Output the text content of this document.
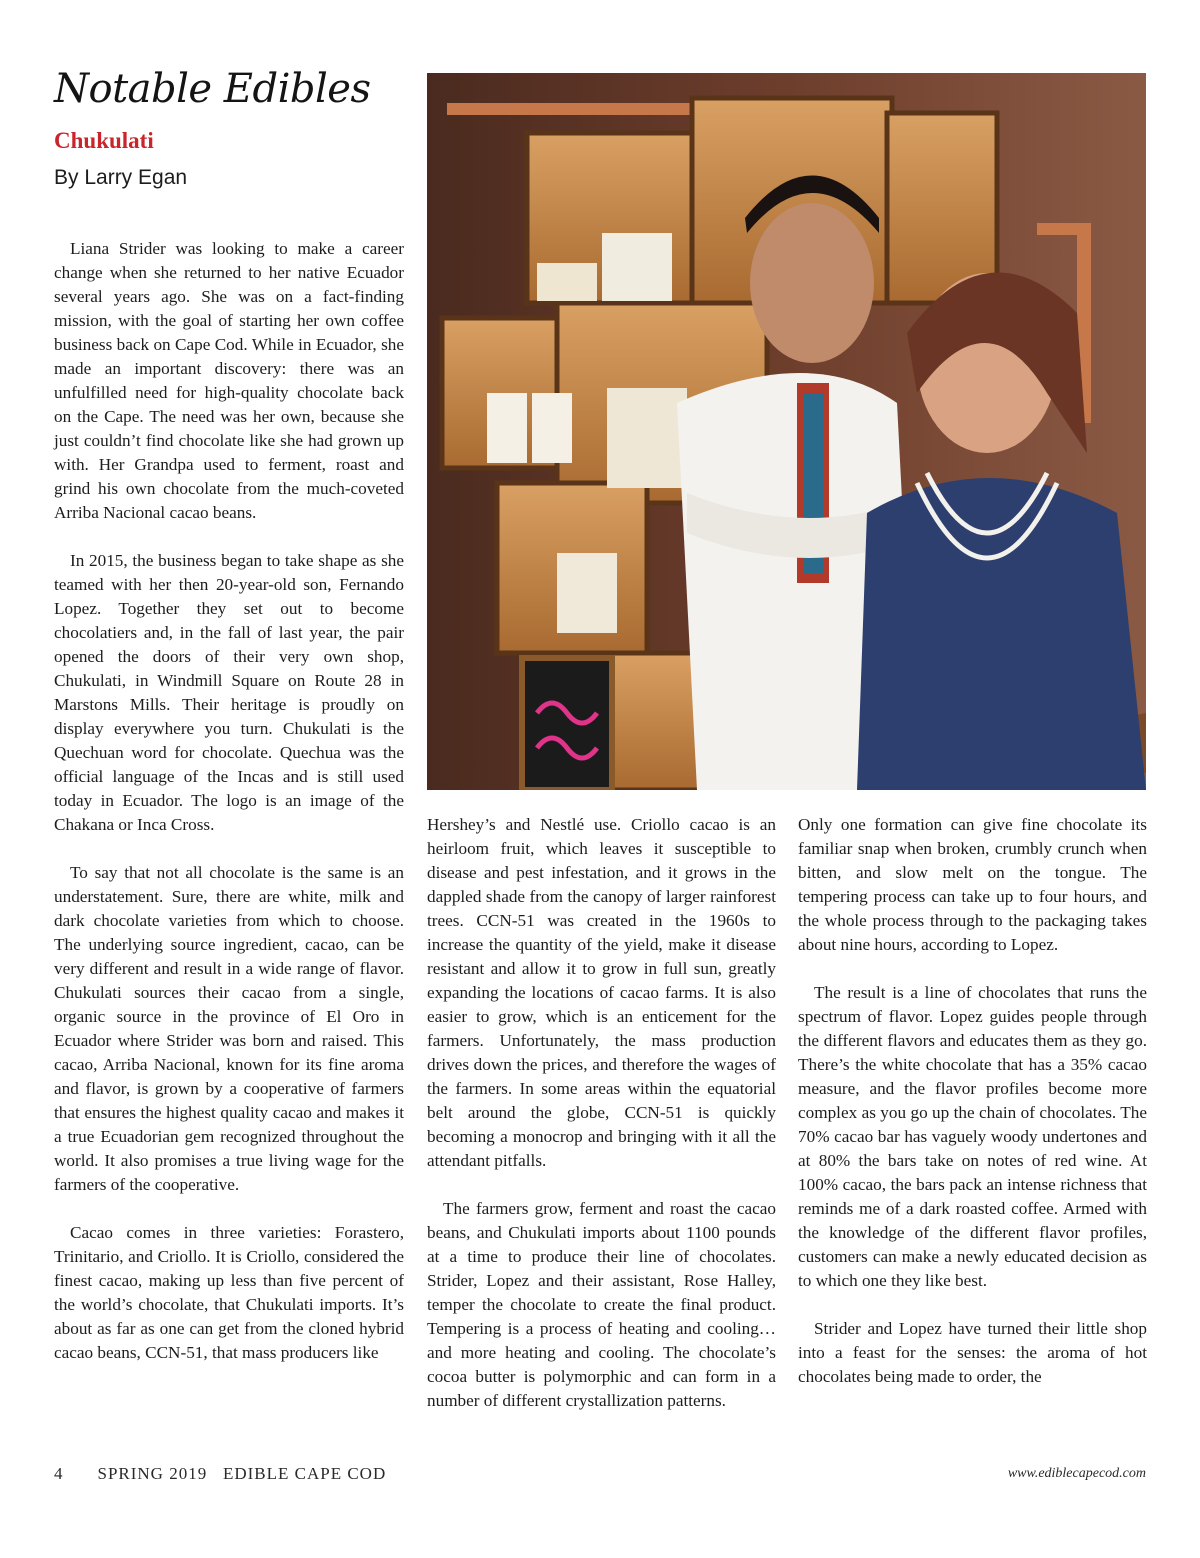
Notable Edibles
Chukulati
By Larry Egan

Liana Strider was looking to make a career change when she returned to her native Ecuador several years ago. She was on a fact-finding mission, with the goal of starting her own coffee business back on Cape Cod. While in Ecuador, she made an important discovery: there was an unfulfilled need for high-quality chocolate back on the Cape. The need was her own, because she just couldn’t find chocolate like she had grown up with. Her Grandpa used to ferment, roast and grind his own chocolate from the much-coveted Arriba Nacional cacao beans.

In 2015, the business began to take shape as she teamed with her then 20-year-old son, Fernando Lopez. Together they set out to become chocolatiers and, in the fall of last year, the pair opened the doors of their very own shop, Chukulati, in Windmill Square on Route 28 in Marstons Mills. Their heritage is proudly on display everywhere you turn. Chukulati is the Quechuan word for chocolate. Quechua was the official language of the Incas and is still used today in Ecuador. The logo is an image of the Chakana or Inca Cross.

To say that not all chocolate is the same is an understatement. Sure, there are white, milk and dark chocolate varieties from which to choose. The underlying source ingredient, cacao, can be very different and result in a wide range of flavor. Chukulati sources their cacao from a single, organic source in the province of El Oro in Ecuador where Strider was born and raised. This cacao, Arriba Nacional, known for its fine aroma and flavor, is grown by a cooperative of farmers that ensures the highest quality cacao and makes it a true Ecuadorian gem recognized throughout the world. It also promises a true living wage for the farmers of the cooperative.

Cacao comes in three varieties: Forastero, Trinitario, and Criollo. It is Criollo, considered the finest cacao, making up less than five percent of the world’s chocolate, that Chukulati imports. It’s about as far as one can get from the cloned hybrid cacao beans, CCN-51, that mass producers like

Hershey’s and Nestlé use. Criollo cacao is an heirloom fruit, which leaves it susceptible to disease and pest infestation, and it grows in the dappled shade from the canopy of larger rainforest trees. CCN-51 was created in the 1960s to increase the quantity of the yield, make it disease resistant and allow it to grow in full sun, greatly expanding the locations of cacao farms. It is also easier to grow, which is an enticement for the farmers. Unfortunately, the mass production drives down the prices, and therefore the wages of the farmers. In some areas within the equatorial belt around the globe, CCN-51 is quickly becoming a monocrop and bringing with it all the attendant pitfalls.

The farmers grow, ferment and roast the cacao beans, and Chukulati imports about 1100 pounds at a time to produce their line of chocolates. Strider, Lopez and their assistant, Rose Halley, temper the chocolate to create the final product. Tempering is a process of heating and cooling…and more heating and cooling. The chocolate’s cocoa butter is polymorphic and can form in a number of different crystallization patterns.

Only one formation can give fine chocolate its familiar snap when broken, crumbly crunch when bitten, and slow melt on the tongue. The tempering process can take up to four hours, and the whole process through to the packaging takes about nine hours, according to Lopez.

The result is a line of chocolates that runs the spectrum of flavor. Lopez guides people through the different flavors and educates them as they go. There’s the white chocolate that has a 35% cacao measure, and the flavor profiles become more complex as you go up the chain of chocolates. The 70% cacao bar has vaguely woody undertones and at 80% the bars take on notes of red wine. At 100% cacao, the bars pack an intense richness that reminds me of a dark roasted coffee. Armed with the knowledge of the different flavor profiles, customers can make a newly educated decision as to which one they like best.

Strider and Lopez have turned their little shop into a feast for the senses: the aroma of hot chocolates being made to order, the

4 SPRING 2019   EDIBLE CAPE COD	www.ediblecapecod.com
